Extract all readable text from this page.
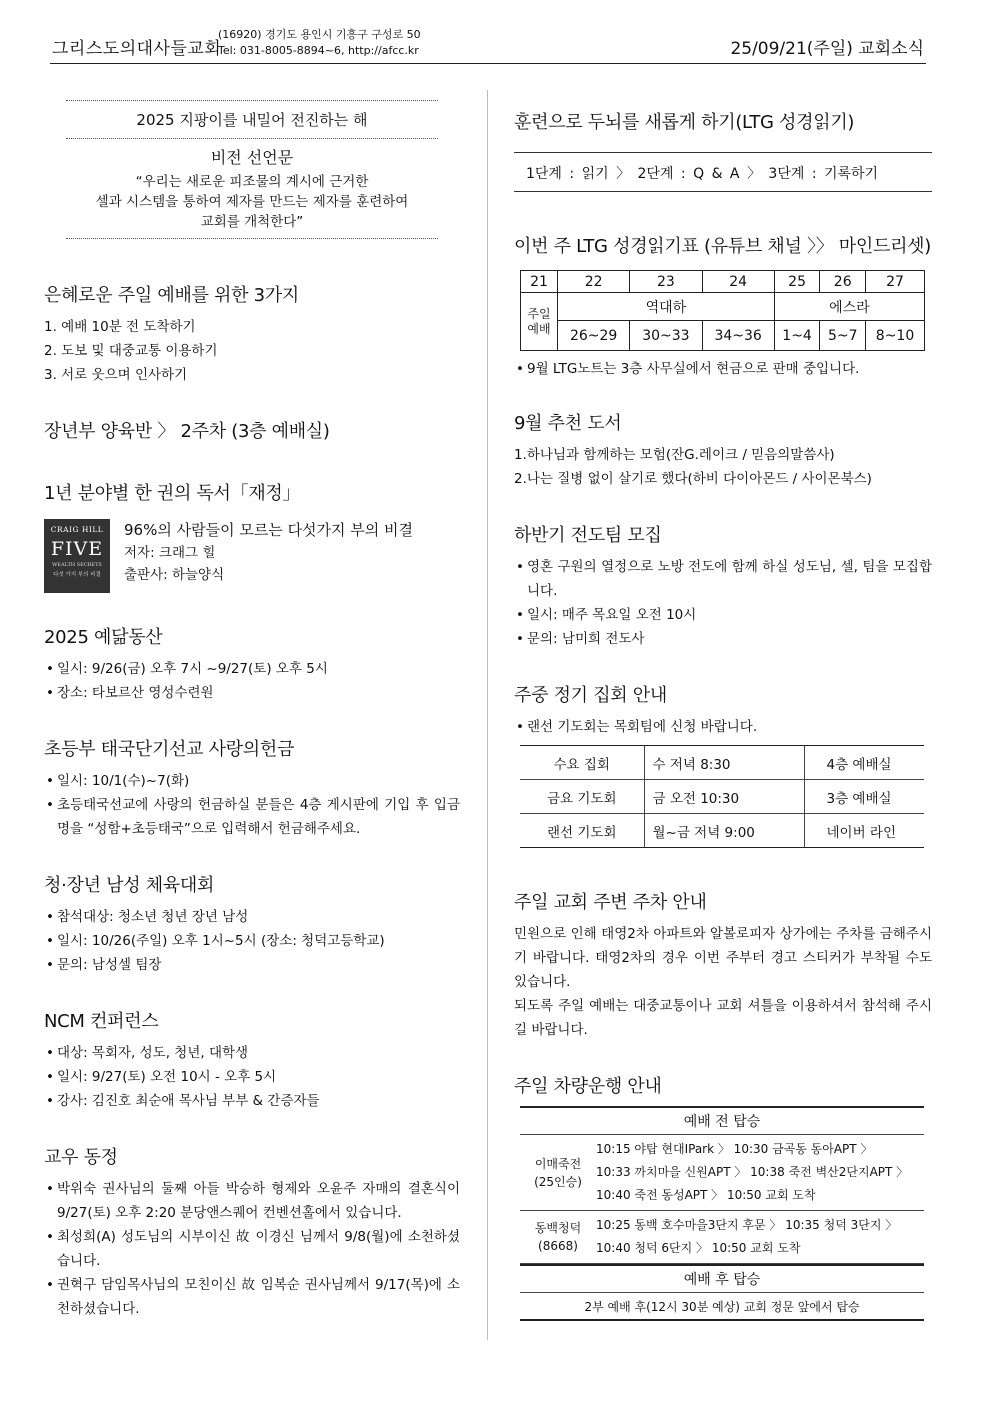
그리스도의대사들교회
(16920) 경기도 용인시 기흥구 구성로 50
Tel: 031-8005-8894~6, http://afcc.kr	25/09/21(주일) 교회소식
2025 지팡이를 내밀어 전진하는 해
비전 선언문
“우리는 새로운 피조물의 계시에 근거한
셀과 시스템을 통하여 제자를 만드는 제자를 훈련하여
교회를 개척한다”
은혜로운 주일 예배를 위한 3가지
1. 예배 10분 전 도착하기
2. 도보 및 대중교통 이용하기
3. 서로 웃으며 인사하기
장년부 양육반 〉 2주차 (3층 예배실)
1년 분야별 한 권의 독서「재정」
CRAIG HILL
FIVE
WEALTH SECRETS
다섯 가지 부의 비결
96%의 사람들이 모르는 다섯가지 부의 비결
저자: 크래그 힐
출판사: 하늘양식
2025 예닮동산
• 일시: 9/26(금) 오후 7시 ~9/27(토) 오후 5시
• 장소: 타보르산 영성수련원
초등부 태국단기선교 사랑의헌금
• 일시: 10/1(수)~7(화)
• 초등태국선교에 사랑의 헌금하실 분들은 4층 게시판에 기입 후 입금명을 “성함+초등태국”으로 입력해서 헌금해주세요.
청·장년 남성 체육대회
• 참석대상: 청소년 청년 장년 남성
• 일시: 10/26(주일) 오후 1시~5시 (장소: 청덕고등학교)
• 문의: 남성셀 팀장
NCM 컨퍼런스
• 대상: 목회자, 성도, 청년, 대학생
• 일시: 9/27(토) 오전 10시 - 오후 5시
• 강사: 김진호 최순애 목사님 부부 & 간증자들
교우 동정
• 박위숙 권사님의 둘째 아들 박승하 형제와 오윤주 자매의 결혼식이 9/27(토) 오후 2:20 분당앤스퀘어 컨벤션홀에서 있습니다.
• 최성희(A) 성도님의 시부이신 故 이경신 님께서 9/8(월)에 소천하셨습니다.
• 권혁구 담임목사님의 모친이신 故 임복순 권사님께서 9/17(목)에 소천하셨습니다.
훈련으로 두뇌를 새롭게 하기(LTG 성경읽기)
1단계 : 읽기 〉 2단계 : Q & A 〉 3단계 : 기록하기
이번 주 LTG 성경읽기표 (유튜브 채널 〉〉 마인드리셋)
21	22	23	24	25	26	27

주일
예배	역대하			에스라		
	26~29	30~33	34~36	1~4	5~7	8~10
• 9월 LTG노트는 3층 사무실에서 현금으로 판매 중입니다.
9월 추천 도서
1.하나님과 함께하는 모험(잔G.레이크 / 믿음의말씀사)
2.나는 질병 없이 살기로 했다(하비 다이아몬드 / 사이몬북스)
하반기 전도팀 모집
• 영혼 구원의 열정으로 노방 전도에 함께 하실 성도님, 셀, 팀을 모집합니다.
• 일시: 매주 목요일 오전 10시
• 문의: 남미희 전도사
주중 정기 집회 안내
• 랜선 기도회는 목회팀에 신청 바랍니다.
수요 집회	수 저녁 8:30	4층 예배실
금요 기도회	금 오전 10:30	3층 예배실
랜선 기도회	월~금 저녁 9:00	네이버 라인
주일 교회 주변 주차 안내
민원으로 인해 태영2차 아파트와 알볼로피자 상가에는 주차를 금해주시기 바랍니다. 태영2차의 경우 이번 주부터 경고 스티커가 부착될 수도 있습니다.
되도록 주일 예배는 대중교통이나 교회 셔틀을 이용하셔서 참석해 주시길 바랍니다.
주일 차량운행 안내
예배 전 탑승
이매죽전
(25인승)
10:15 야탑 현대IPark 〉 10:30 금곡동 동아APT 〉
10:33 까치마을 신원APT 〉 10:38 죽전 벽산2단지APT 〉
10:40 죽전 동성APT 〉 10:50 교회 도착
동백청덕
(8668)
10:25 동백 호수마을3단지 후문 〉 10:35 청덕 3단지 〉
10:40 청덕 6단지 〉 10:50 교회 도착
예배 후 탑승
2부 예배 후(12시 30분 예상) 교회 정문 앞에서 탑승
